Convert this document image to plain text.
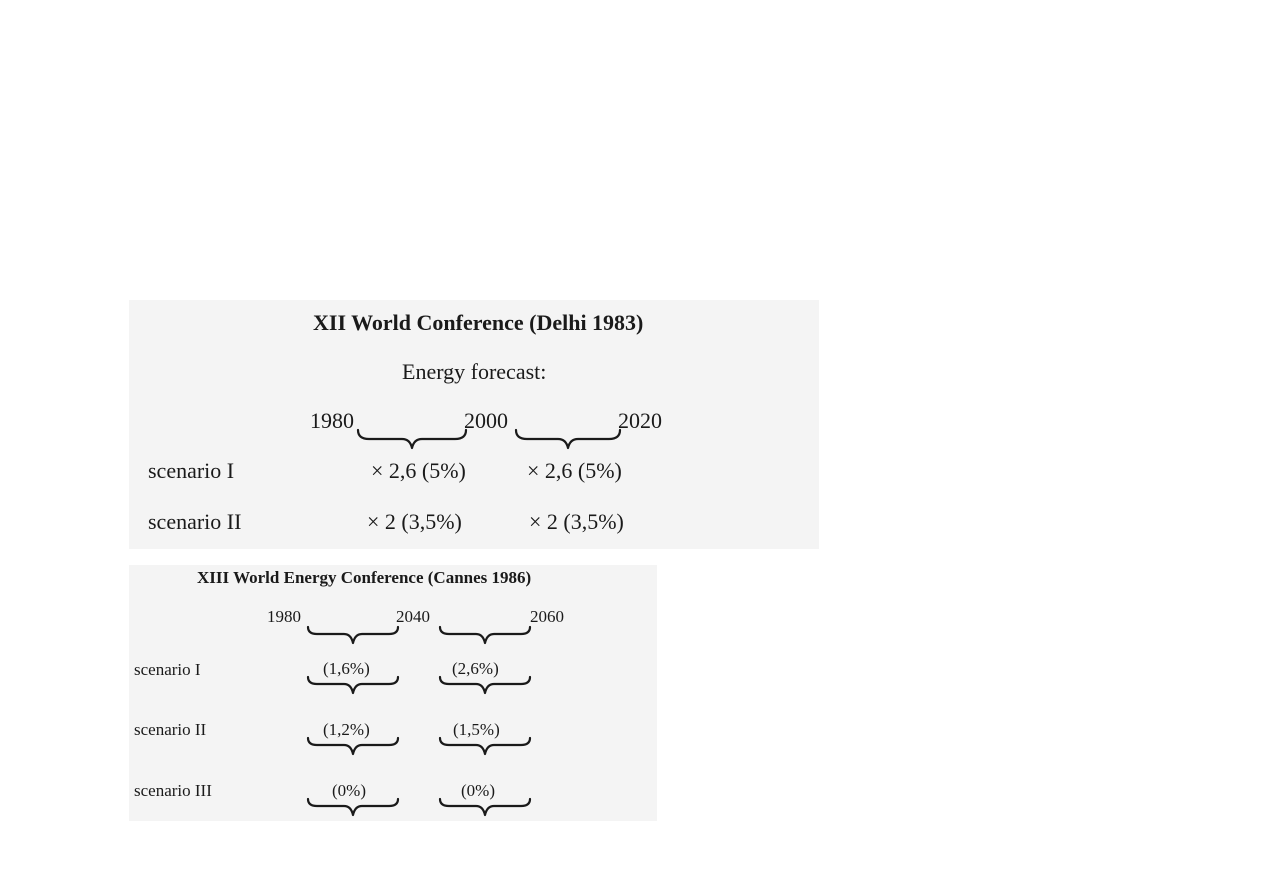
XII World Conference (Delhi 1983)
Energy forecast:
1980	2000	2020
scenario I	× 2,6 (5%)	× 2,6 (5%)
scenario II	× 2 (3,5%)	× 2 (3,5%)
XIII World Energy Conference (Cannes 1986)
1980	2040	2060
scenario I	(1,6%)	(2,6%)
scenario II	(1,2%)	(1,5%)
scenario III	(0%)	(0%)
